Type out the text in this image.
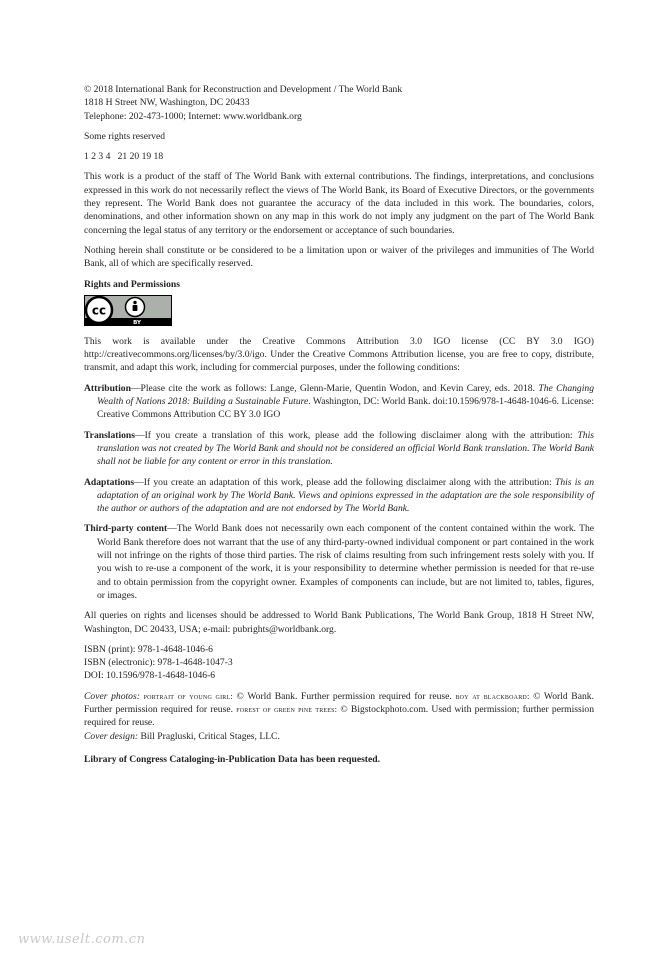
© 2018 International Bank for Reconstruction and Development / The World Bank

1818 H Street NW, Washington, DC 20433

Telephone: 202-473-1000; Internet: www.worldbank.org

Some rights reserved

1 2 3 4   21 20 19 18

This work is a product of the staff of The World Bank with external contributions. The findings, interpretations, and conclusions expressed in this work do not necessarily reflect the views of The World Bank, its Board of Executive Directors, or the governments they represent. The World Bank does not guarantee the accuracy of the data included in this work. The boundaries, colors, denominations, and other information shown on any map in this work do not imply any judgment on the part of The World Bank concerning the legal status of any territory or the endorsement or acceptance of such boundaries.

Nothing herein shall constitute or be considered to be a limitation upon or waiver of the privileges and immunities of The World Bank, all of which are specifically reserved.

Rights and Permissions

cc
BY

This work is available under the Creative Commons Attribution 3.0 IGO license (CC BY 3.0 IGO) http://creativecommons.org/licenses/by/3.0/igo. Under the Creative Commons Attribution license, you are free to copy, distribute, transmit, and adapt this work, including for commercial purposes, under the following conditions:

Attribution—Please cite the work as follows: Lange, Glenn-Marie, Quentin Wodon, and Kevin Carey, eds. 2018. The Changing Wealth of Nations 2018: Building a Sustainable Future. Washington, DC: World Bank. doi:10.1596/978-1-4648-1046-6. License: Creative Commons Attribution CC BY 3.0 IGO

Translations—If you create a translation of this work, please add the following disclaimer along with the attribution: This translation was not created by The World Bank and should not be considered an official World Bank translation. The World Bank shall not be liable for any content or error in this translation.

Adaptations—If you create an adaptation of this work, please add the following disclaimer along with the attribution: This is an adaptation of an original work by The World Bank. Views and opinions expressed in the adaptation are the sole responsibility of the author or authors of the adaptation and are not endorsed by The World Bank.

Third-party content—The World Bank does not necessarily own each component of the content contained within the work. The World Bank therefore does not warrant that the use of any third-party-owned individual component or part contained in the work will not infringe on the rights of those third parties. The risk of claims resulting from such infringement rests solely with you. If you wish to re-use a component of the work, it is your responsibility to determine whether permission is needed for that re-use and to obtain permission from the copyright owner. Examples of components can include, but are not limited to, tables, figures, or images.

All queries on rights and licenses should be addressed to World Bank Publications, The World Bank Group, 1818 H Street NW, Washington, DC 20433, USA; e-mail: pubrights@worldbank.org.

ISBN (print): 978-1-4648-1046-6

ISBN (electronic): 978-1-4648-1047-3

DOI: 10.1596/978-1-4648-1046-6

Cover photos: portrait of young girl: © World Bank. Further permission required for reuse. boy at blackboard: © World Bank. Further permission required for reuse. forest of green pine trees: © Bigstockphoto.com. Used with permission; further permission required for reuse.

Cover design: Bill Pragluski, Critical Stages, LLC.

Library of Congress Cataloging-in-Publication Data has been requested.

www.uselt.com.cn
